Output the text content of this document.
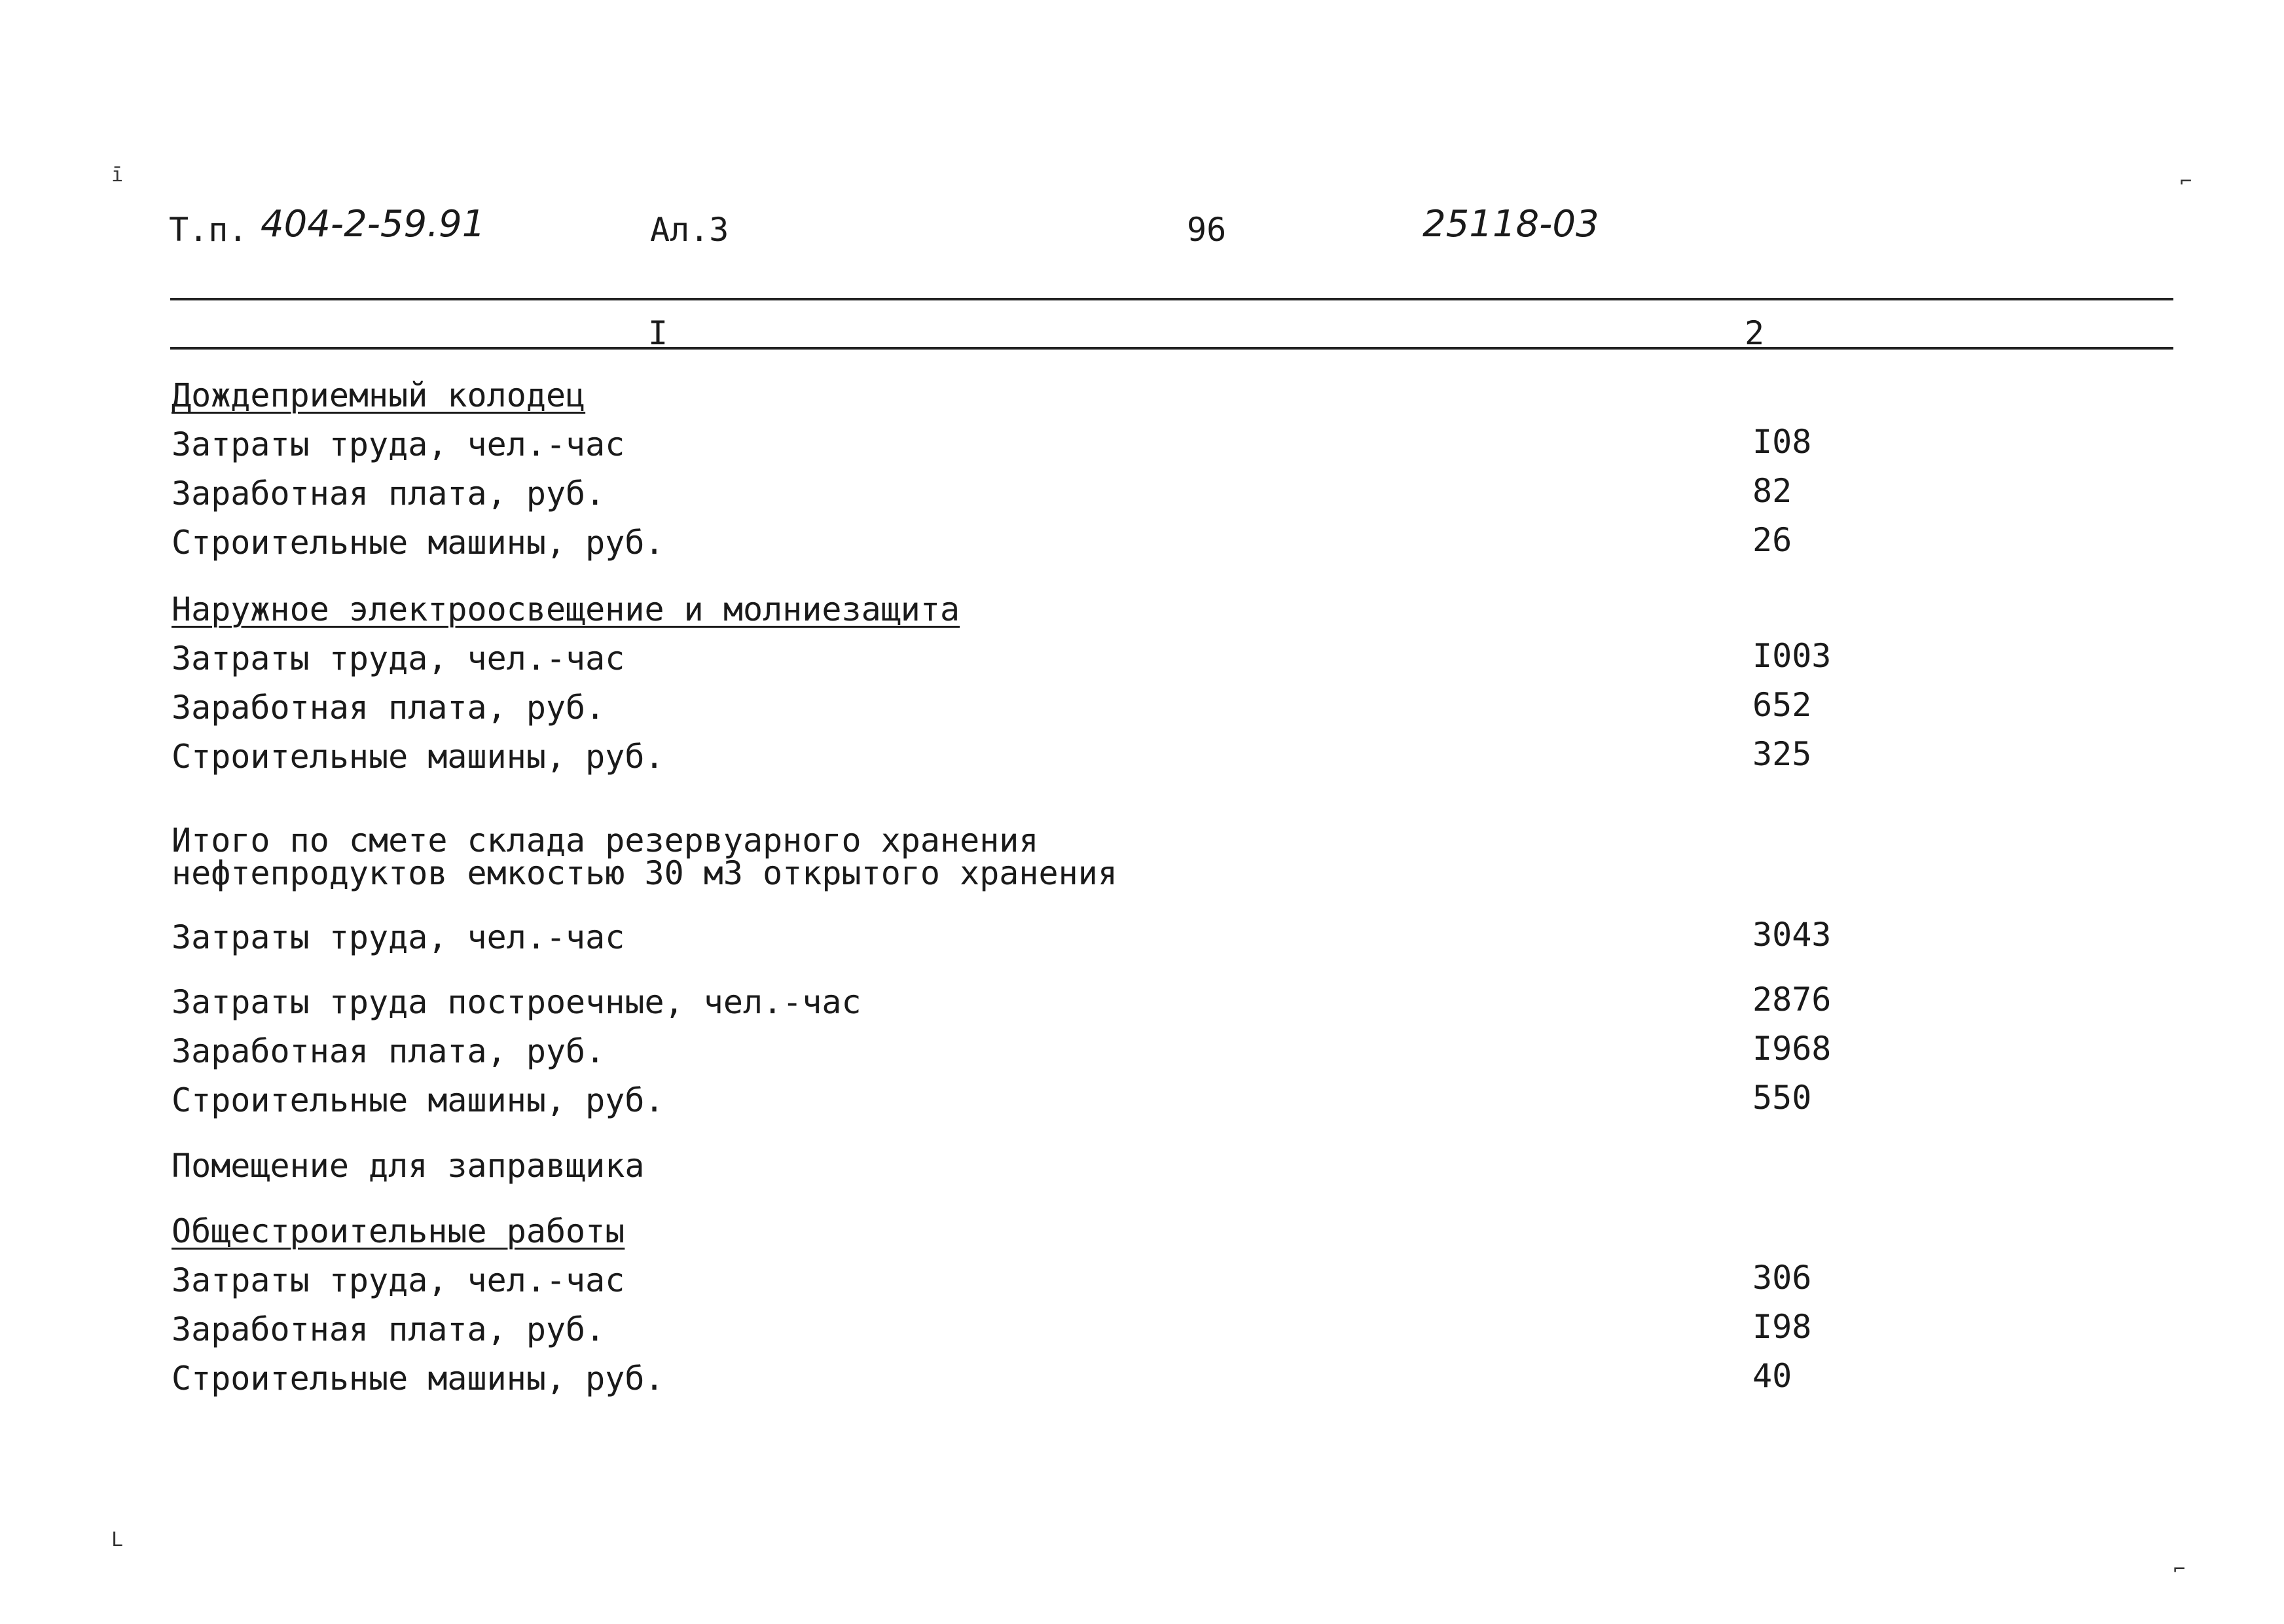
ī
L
⌐
⌐
Т.п. 404-2-59.91	Ал.3	96	25118-03
I	2
Дождеприемный колодец
Затраты труда, чел.-час	I08
Заработная плата, руб.	82
Строительные машины, руб.	26
Наружное электроосвещение и молниезащита
Затраты труда, чел.-час	I003
Заработная плата, руб.	652
Строительные машины, руб.	325
Итого по смете склада резервуарного хранения
нефтепродуктов емкостью 30 м3 открытого хранения
Затраты труда, чел.-час	3043
Затраты труда построечные, чел.-час	2876
Заработная плата, руб.	I968
Строительные машины, руб.	550
Помещение для заправщика
Общестроительные работы
Затраты труда, чел.-час	306
Заработная плата, руб.	I98
Строительные машины, руб.	40
